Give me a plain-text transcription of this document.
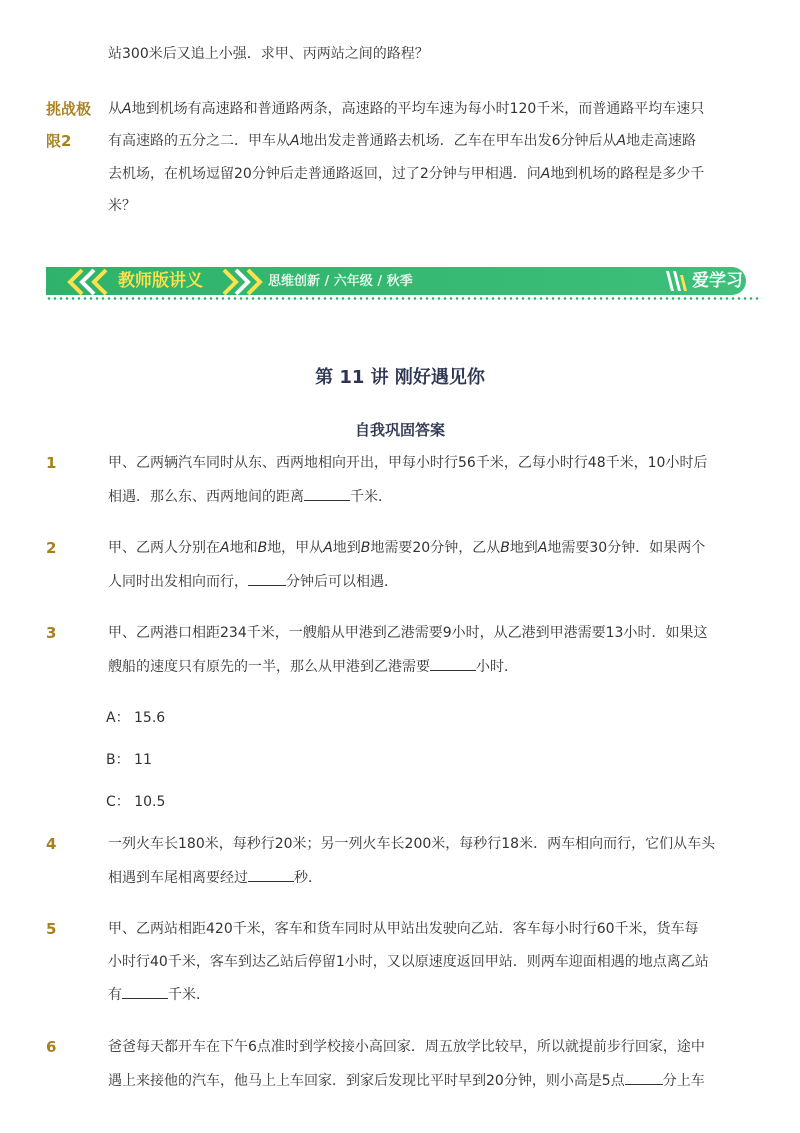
站300米后又追上小强．求甲、丙两站之间的路程？
挑战极
限2
从A地到机场有高速路和普通路两条，高速路的平均车速为每小时120千米，而普通路平均车速只
有高速路的五分之二．甲车从A地出发走普通路去机场．乙车在甲车出发6分钟后从A地走高速路
去机场，在机场逗留20分钟后走普通路返回，过了2分钟与甲相遇．问A地到机场的路程是多少千
米？
教师版讲义	思维创新 / 六年级 / 秋季	爱学习
第 11 讲 刚好遇见你
自我巩固答案
1	甲、乙两辆汽车同时从东、西两地相向开出，甲每小时行56千米，乙每小时行48千米，10小时后
相遇．那么东、西两地间的距离	千米．
2	甲、乙两人分别在A地和B地，甲从A地到B地需要20分钟，乙从B地到A地需要30分钟．如果两个
人同时出发相向而行，	分钟后可以相遇．
3	甲、乙两港口相距234千米，一艘船从甲港到乙港需要9小时，从乙港到甲港需要13小时．如果这
艘船的速度只有原先的一半，那么从甲港到乙港需要	小时．
A： 15.6
B： 11
C： 10.5
4	一列火车长180米，每秒行20米；另一列火车长200米，每秒行18米．两车相向而行，它们从车头
相遇到车尾相离要经过	秒．
5	甲、乙两站相距420千米，客车和货车同时从甲站出发驶向乙站．客车每小时行60千米，货车每
小时行40千米，客车到达乙站后停留1小时，又以原速度返回甲站．则两车迎面相遇的地点离乙站
有	千米．
6	爸爸每天都开车在下午6点准时到学校接小高回家．周五放学比较早，所以就提前步行回家，途中
遇上来接他的汽车，他马上上车回家．到家后发现比平时早到20分钟，则小高是5点	分上车
